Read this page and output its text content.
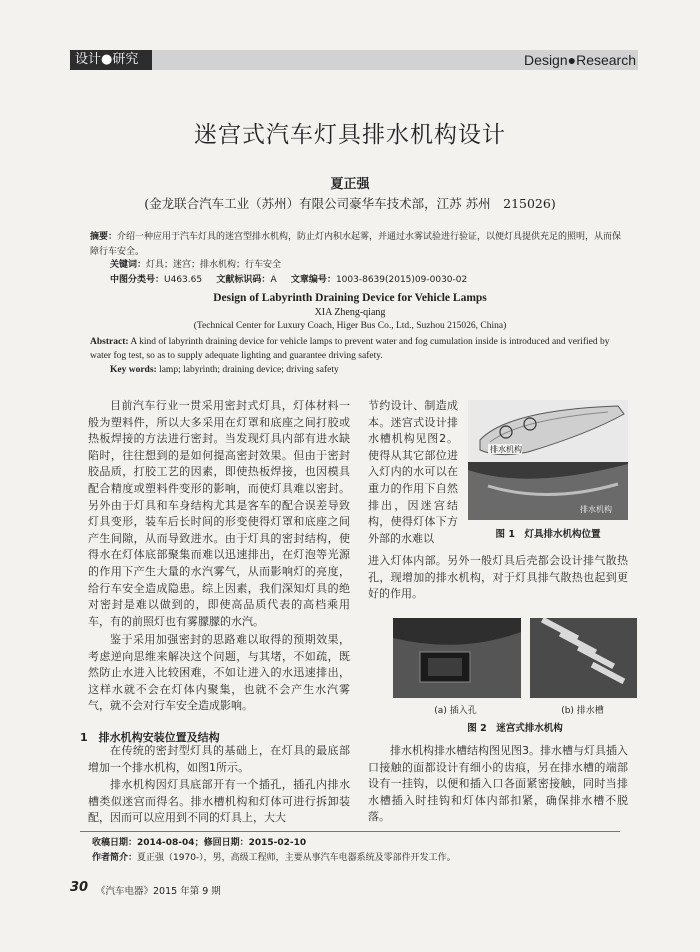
设计●研究	Design●Research
迷宫式汽车灯具排水机构设计
夏正强
(金龙联合汽车工业（苏州）有限公司豪华车技术部，江苏 苏州　215026)
摘要：介绍一种应用于汽车灯具的迷宫型排水机构，防止灯内积水起雾，并通过水雾试验进行验证，以便灯具提供充足的照明，从而保障行车安全。
关键词：灯具；迷宫；排水机构；行车安全
中图分类号：U463.65 文献标识码：A 文章编号：1003-8639(2015)09-0030-02
Design of Labyrinth Draining Device for Vehicle Lamps
XIA Zheng-qiang
(Technical Center for Luxury Coach, Higer Bus Co., Ltd., Suzhou 215026, China)
Abstract: A kind of labyrinth draining device for vehicle lamps to prevent water and fog cumulation inside is introduced and verified by water fog test, so as to supply adequate lighting and guarantee driving safety.
Key words: lamp; labyrinth; draining device; driving safety

目前汽车行业一贯采用密封式灯具，灯体材料一般为塑料件，所以大多采用在灯罩和底座之间打胶或热板焊接的方法进行密封。当发现灯具内部有进水缺陷时，往往想到的是如何提高密封效果。但由于密封胶品质，打胶工艺的因素，即使热板焊接，也因模具配合精度或塑料件变形的影响，而使灯具难以密封。另外由于灯具和车身结构尤其是客车的配合误差导致灯具变形，装车后长时间的形变使得灯罩和底座之间产生间隙，从而导致进水。由于灯具的密封结构，使得水在灯体底部聚集而难以迅速排出，在灯泡等光源的作用下产生大量的水汽雾气，从而影响灯的亮度，给行车安全造成隐患。综上因素，我们深知灯具的绝对密封是难以做到的，即使高品质代表的高档乘用车，有的前照灯也有雾朦朦的水汽。

鉴于采用加强密封的思路难以取得的预期效果，考虑逆向思维来解决这个问题，与其堵，不如疏，既然防止水进入比较困难，不如让进入的水迅速排出，这样水就不会在灯体内聚集，也就不会产生水汽雾气，就不会对行车安全造成影响。

1　排水机构安装位置及结构

在传统的密封型灯具的基础上，在灯具的最底部增加一个排水机构，如图1所示。

排水机构因灯具底部开有一个插孔，插孔内排水槽类似迷宫而得名。排水槽机构和灯体可进行拆卸装配，因而可以应用到不同的灯具上，大大

节约设计、制造成本。迷宫式设计排水槽机构见图2。使得从其它部位进入灯内的水可以在重力的作用下自然排出，因迷宫结构，使得灯体下方外部的水难以

进入灯体内部。另外一般灯具后壳都会设计排气散热孔，现增加的排水机构，对于灯具排气散热也起到更好的作用。

排水机构排水槽结构图见图3。排水槽与灯具插入口接触的面都设计有细小的齿痕，另在排水槽的端部设有一挂钩，以便和插入口各面紧密接触，同时当排水槽插入时挂钩和灯体内部扣紧，确保排水槽不脱落。

排水机构
排水机构
图 1　灯具排水机构位置
(a) 插入孔	(b) 排水槽
图 2　迷宫式排水机构
收稿日期：2014-08-04；修回日期：2015-02-10
作者简介：夏正强（1970-），男，高级工程师，主要从事汽车电器系统及零部件开发工作。
30 《汽车电器》2015 年第 9 期
